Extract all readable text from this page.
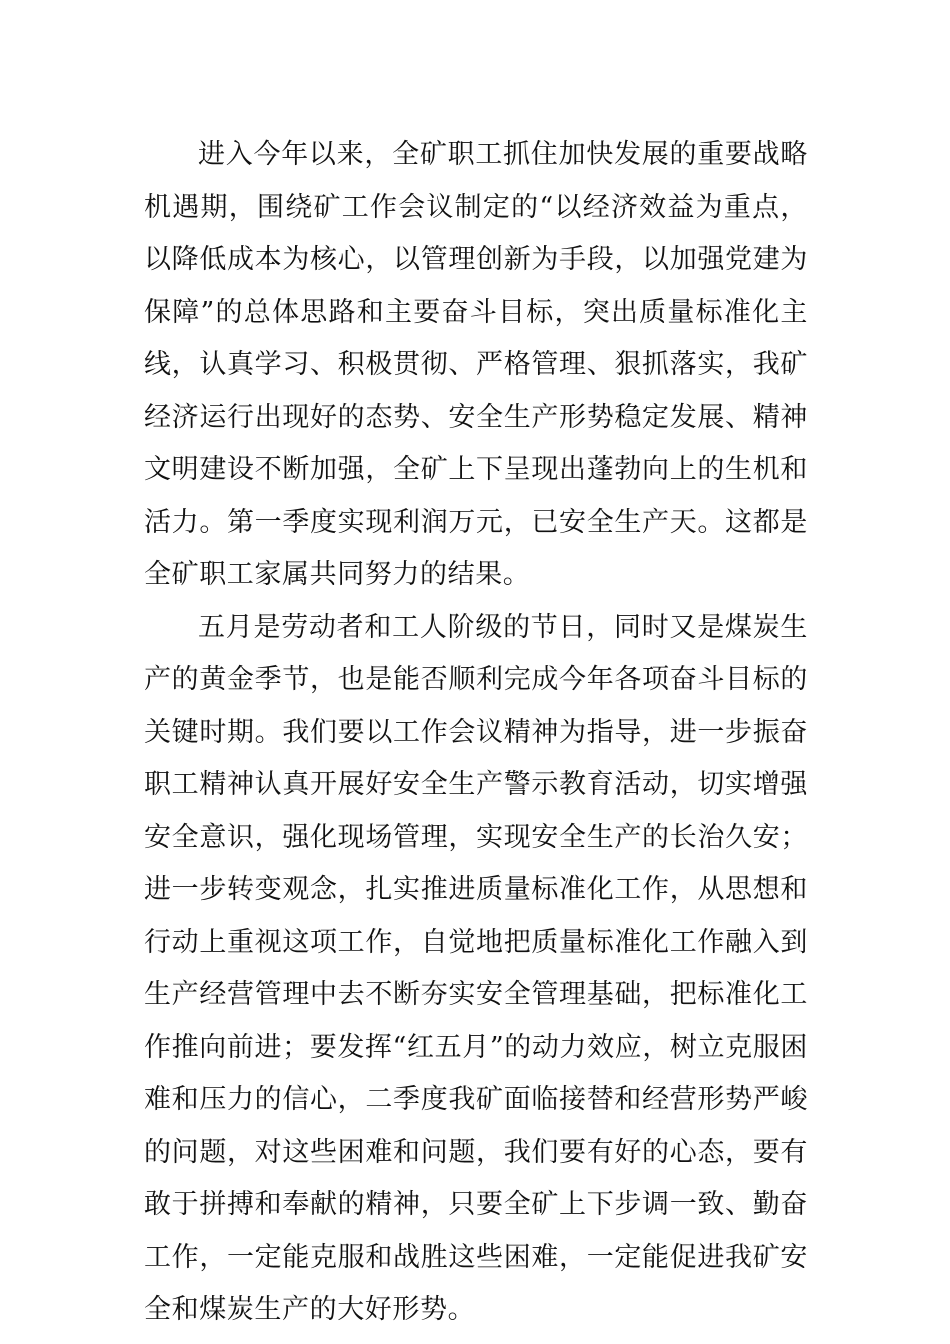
进入今年以来，全矿职工抓住加快发展的重要战略机遇期，围绕矿工作会议制定的“以经济效益为重点，以降低成本为核心，以管理创新为手段，以加强党建为保障”的总体思路和主要奋斗目标，突出质量标准化主线，认真学习、积极贯彻、严格管理、狠抓落实，我矿经济运行出现好的态势、安全生产形势稳定发展、精神文明建设不断加强，全矿上下呈现出蓬勃向上的生机和活力。第一季度实现利润万元，已安全生产天。这都是全矿职工家属共同努力的结果。

五月是劳动者和工人阶级的节日，同时又是煤炭生产的黄金季节，也是能否顺利完成今年各项奋斗目标的关键时期。我们要以工作会议精神为指导，进一步振奋职工精神认真开展好安全生产警示教育活动，切实增强安全意识，强化现场管理，实现安全生产的长治久安；进一步转变观念，扎实推进质量标准化工作，从思想和行动上重视这项工作，自觉地把质量标准化工作融入到生产经营管理中去不断夯实安全管理基础，把标准化工作推向前进；要发挥“红五月”的动力效应，树立克服困难和压力的信心，二季度我矿面临接替和经营形势严峻的问题，对这些困难和问题，我们要有好的心态，要有敢于拼搏和奉献的精神，只要全矿上下步调一致、勤奋工作，一定能克服和战胜这些困难，一定能促进我矿安全和煤炭生产的大好形势。
